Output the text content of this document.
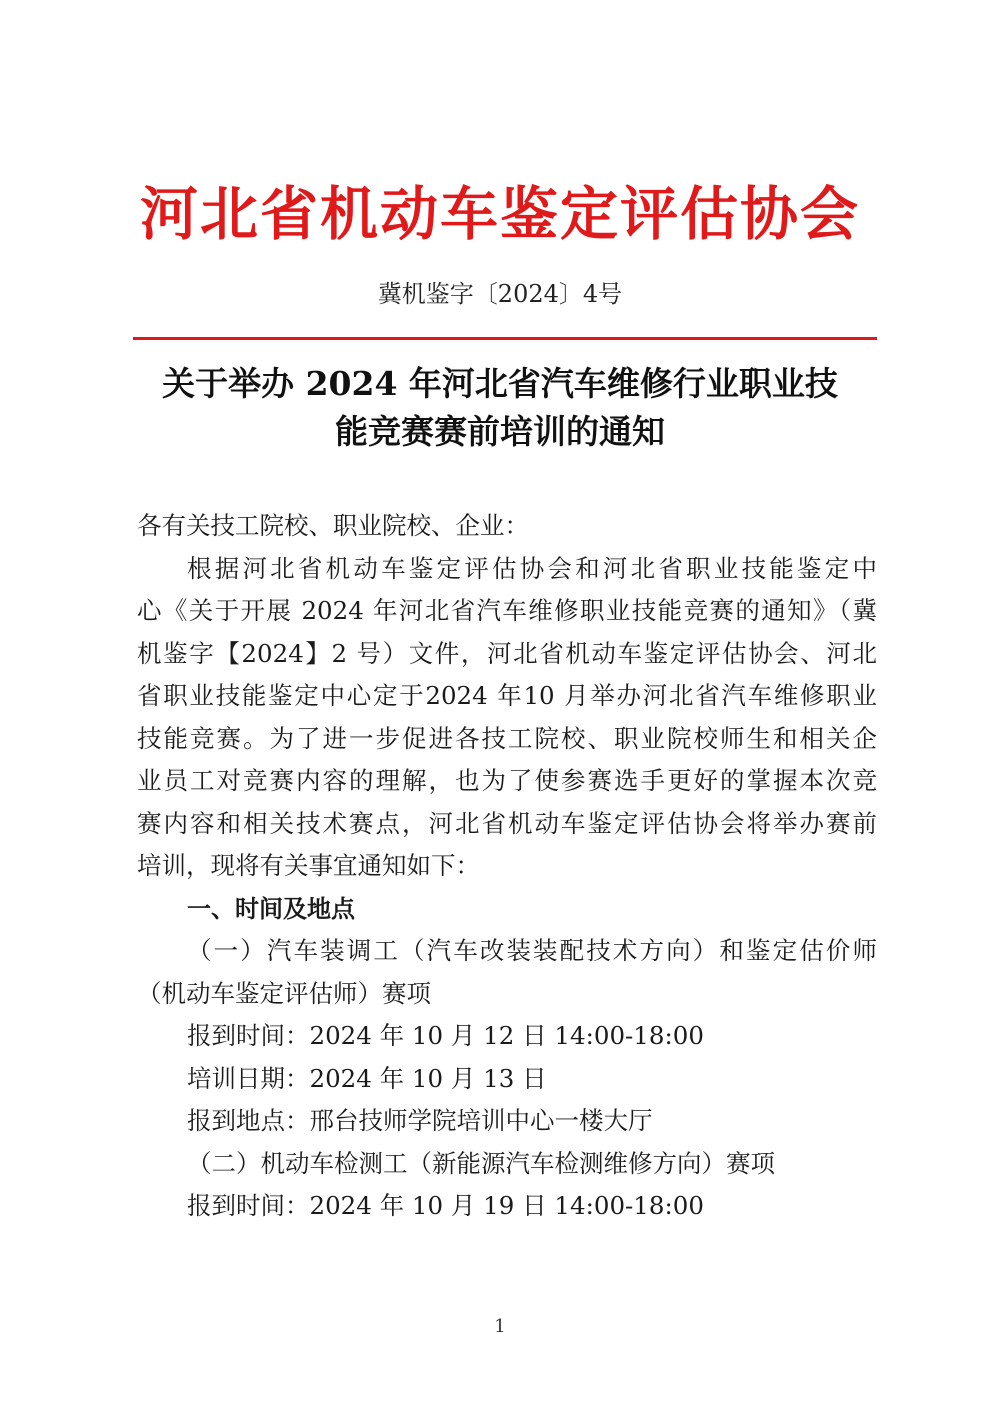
河北省机动车鉴定评估协会
冀机鉴字〔2024〕4号
关于举办 2024 年河北省汽车维修行业职业技
能竞赛赛前培训的通知
各有关技工院校、职业院校、企业：
根据河北省机动车鉴定评估协会和河北省职业技能鉴定中
心《关于开展 2024 年河北省汽车维修职业技能竞赛的通知》（冀
机鉴字【2024】2 号）文件，河北省机动车鉴定评估协会、河北
省职业技能鉴定中心定于2024 年10 月举办河北省汽车维修职业
技能竞赛。为了进一步促进各技工院校、职业院校师生和相关企
业员工对竞赛内容的理解，也为了使参赛选手更好的掌握本次竞
赛内容和相关技术赛点，河北省机动车鉴定评估协会将举办赛前
培训，现将有关事宜通知如下：
一、时间及地点
（一）汽车装调工（汽车改装装配技术方向）和鉴定估价师
（机动车鉴定评估师）赛项
报到时间：2024 年 10 月 12 日 14:00-18:00
培训日期：2024 年 10 月 13 日
报到地点：邢台技师学院培训中心一楼大厅
（二）机动车检测工（新能源汽车检测维修方向）赛项
报到时间：2024 年 10 月 19 日 14:00-18:00
1
